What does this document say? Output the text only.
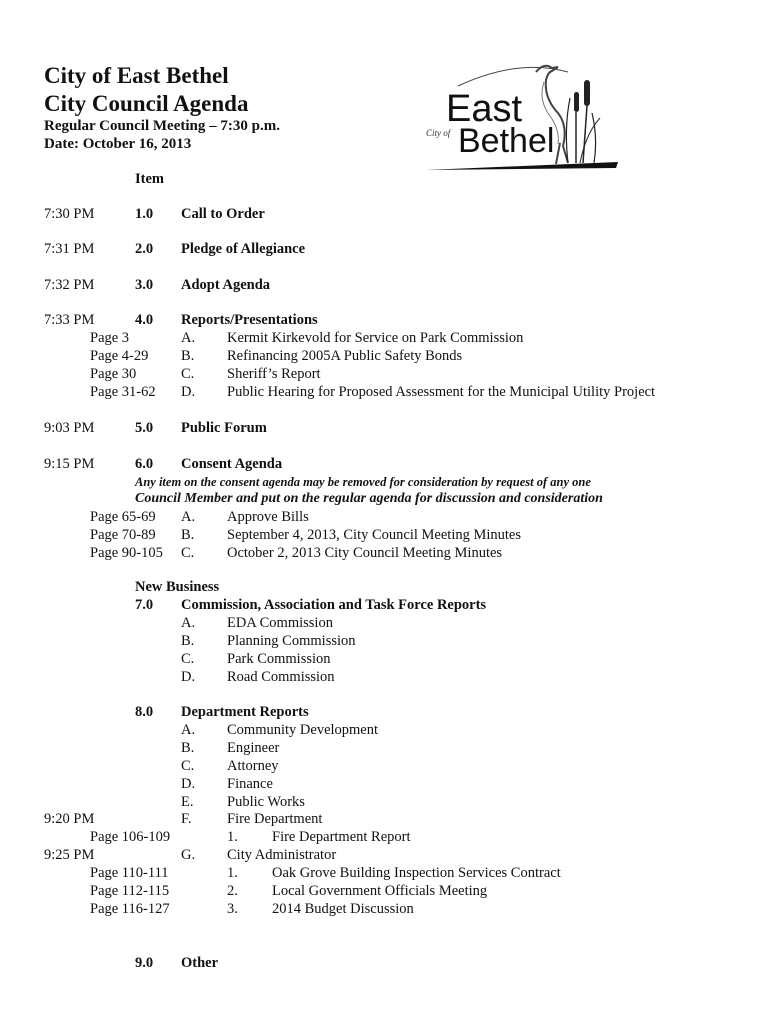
City of East Bethel
City Council Agenda
Regular Council Meeting – 7:30 p.m.
Date: October 16, 2013
East
City of Bethel
Item
7:30 PM	1.0 Call to Order
7:31 PM	2.0 Pledge of Allegiance
7:32 PM	3.0 Adopt Agenda
7:33 PM	4.0 Reports/Presentations
Page 3	A. Kermit Kirkevold for Service on Park Commission
Page 4-29 B. Refinancing 2005A Public Safety Bonds
Page 30	C. Sheriff’s Report
Page 31-62 D. Public Hearing for Proposed Assessment for the Municipal Utility Project
9:03 PM	5.0 Public Forum
9:15 PM	6.0 Consent Agenda
Any item on the consent agenda may be removed for consideration by request of any one
Council Member and put on the regular agenda for discussion and consideration
Page 65-69 A. Approve Bills
Page 70-89 B. September 4, 2013, City Council Meeting Minutes
Page 90-105 C. October 2, 2013 City Council Meeting Minutes
New Business
7.0 Commission, Association and Task Force Reports
A. EDA Commission
B. Planning Commission
C. Park Commission
D. Road Commission
8.0 Department Reports
A. Community Development
B. Engineer
C. Attorney
D. Finance
E. Public Works
9:20 PM	F. Fire Department
Page 106-109	1. Fire Department Report
9:25 PM	G. City Administrator
Page 110-111	1. Oak Grove Building Inspection Services Contract
Page 112-115	2. Local Government Officials Meeting
Page 116-127	3. 2014 Budget Discussion
9.0 Other
